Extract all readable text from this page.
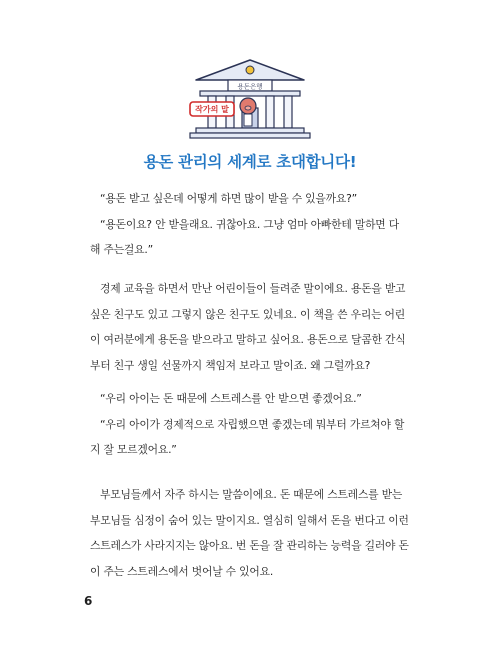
용돈은행
작가의 말
용돈 관리의 세계로 초대합니다!

“용돈 받고 싶은데 어떻게 하면 많이 받을 수 있을까요?”

“용돈이요? 안 받을래요. 귀찮아요. 그냥 엄마 아빠한테 말하면 다 해 주는걸요.”

경제 교육을 하면서 만난 어린이들이 들려준 말이에요. 용돈을 받고 싶은 친구도 있고 그렇지 않은 친구도 있네요. 이 책을 쓴 우리는 어린이 여러분에게 용돈을 받으라고 말하고 싶어요. 용돈으로 달콤한 간식부터 친구 생일 선물까지 책임져 보라고 말이죠. 왜 그럴까요?

“우리 아이는 돈 때문에 스트레스를 안 받으면 좋겠어요.”

“우리 아이가 경제적으로 자립했으면 좋겠는데 뭐부터 가르쳐야 할지 잘 모르겠어요.”

부모님들께서 자주 하시는 말씀이에요. 돈 때문에 스트레스를 받는 부모님들 심정이 숨어 있는 말이지요. 열심히 일해서 돈을 번다고 이런 스트레스가 사라지지는 않아요. 번 돈을 잘 관리하는 능력을 길러야 돈이 주는 스트레스에서 벗어날 수 있어요.

6
